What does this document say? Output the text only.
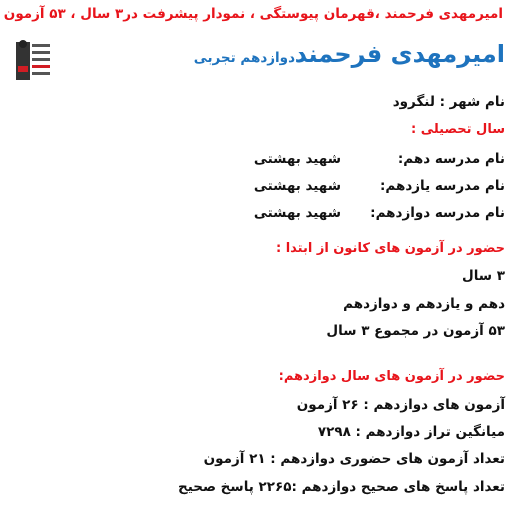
امیرمهدی فرحمند ،قهرمان پیوستگی ، نمودار پیشرفت در۳ سال ، ۵۳ آزمون
امیرمهدی فرحمند
دوازدهم تجربی
نام شهر : لنگرود
سال تحصیلی :
نام مدرسه دهم:
شهید بهشتی
نام مدرسه یازدهم:
شهید بهشتی
نام مدرسه دوازدهم:
شهید بهشتی
حضور در آزمون های کانون از ابتدا :
۳ سال
دهم و یازدهم و دوازدهم
۵۳ آزمون در مجموع ۳ سال
حضور در آزمون های سال دوازدهم:
آزمون های دوازدهم : ۲۶ آزمون
میانگین تراز دوازدهم : ۷۲۹۸
تعداد آزمون های حضوری دوازدهم : ۲۱ آزمون
تعداد پاسخ های صحیح دوازدهم :۲۲۶۵ پاسخ صحیح
